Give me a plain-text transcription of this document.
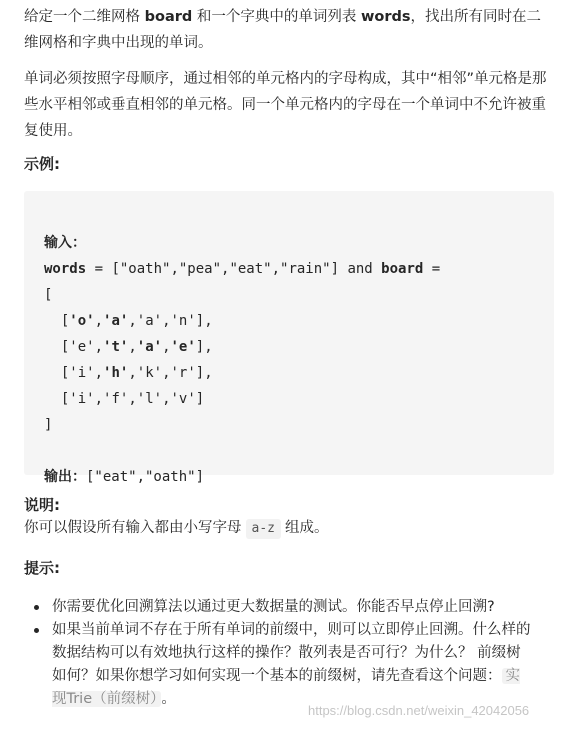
给定一个二维网格 board 和一个字典中的单词列表 words，找出所有同时在二维网格和字典中出现的单词。

单词必须按照字母顺序，通过相邻的单元格内的字母构成，其中“相邻”单元格是那些水平相邻或垂直相邻的单元格。同一个单元格内的字母在一个单词中不允许被重复使用。

示例:

输入：
words = ["oath","pea","eat","rain"] and board =
[
['o','a','a','n'],
['e','t','a','e'],
['i','h','k','r'],
['i','f','l','v']
]
输出：["eat","oath"]
说明:

你可以假设所有输入都由小写字母 a-z 组成。

提示:
你需要优化回溯算法以通过更大数据量的测试。你能否早点停止回溯?
如果当前单词不存在于所有单词的前缀中，则可以立即停止回溯。什么样的数据结构可以有效地执行这样的操作？散列表是否可行？为什么？ 前缀树如何？如果你想学习如何实现一个基本的前缀树，请先查看这个问题： 实现Trie（前缀树） 。
https://blog.csdn.net/weixin_42042056
